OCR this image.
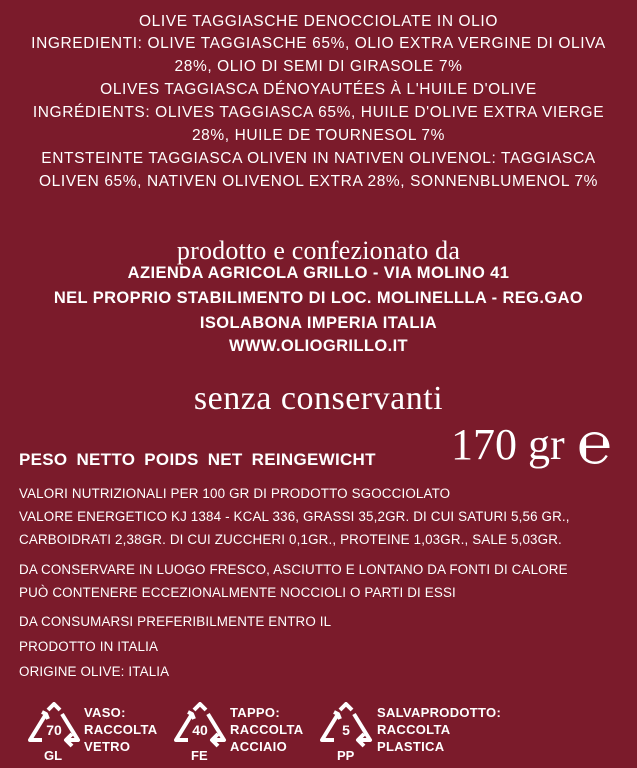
OLIVE TAGGIASCHE DENOCCIOLATE IN OLIO
INGREDIENTI: OLIVE TAGGIASCHE 65%, OLIO EXTRA VERGINE DI OLIVA
28%, OLIO DI SEMI DI GIRASOLE 7%
OLIVES TAGGIASCA DÉNOYAUTÉES À L'HUILE D'OLIVE
INGRÉDIENTS: OLIVES TAGGIASCA 65%, HUILE D'OLIVE EXTRA VIERGE
28%, HUILE DE TOURNESOL 7%
ENTSTEINTE TAGGIASCA OLIVEN IN NATIVEN OLIVENOL: TAGGIASCA
OLIVEN 65%, NATIVEN OLIVENOL EXTRA 28%, SONNENBLUMENOL 7%
prodotto e confezionato da
AZIENDA AGRICOLA GRILLO - VIA MOLINO 41
NEL PROPRIO STABILIMENTO DI LOC. MOLINELLLA - REG.GAO
ISOLABONA IMPERIA ITALIA
WWW.OLIOGRILLO.IT
senza conservanti
PESO NETTO POIDS NET REINGEWICHT 170 gr ℮
VALORI NUTRIZIONALI PER 100 GR DI PRODOTTO SGOCCIOLATO
VALORE ENERGETICO KJ 1384 - KCAL 336, GRASSI 35,2GR. DI CUI SATURI 5,56 GR.,
CARBOIDRATI 2,38GR. DI CUI ZUCCHERI 0,1GR., PROTEINE 1,03GR., SALE 5,03GR.
DA CONSERVARE IN LUOGO FRESCO, ASCIUTTO E LONTANO DA FONTI DI CALORE
PUÒ CONTENERE ECCEZIONALMENTE NOCCIOLI O PARTI DI ESSI
DA CONSUMARSI PREFERIBILMENTE ENTRO IL
PRODOTTO IN ITALIA
ORIGINE OLIVE: ITALIA
70
GL
VASO:
RACCOLTA
VETRO
40
FE
TAPPO:
RACCOLTA
ACCIAIO
5
PP
SALVAPRODOTTO:
RACCOLTA
PLASTICA
